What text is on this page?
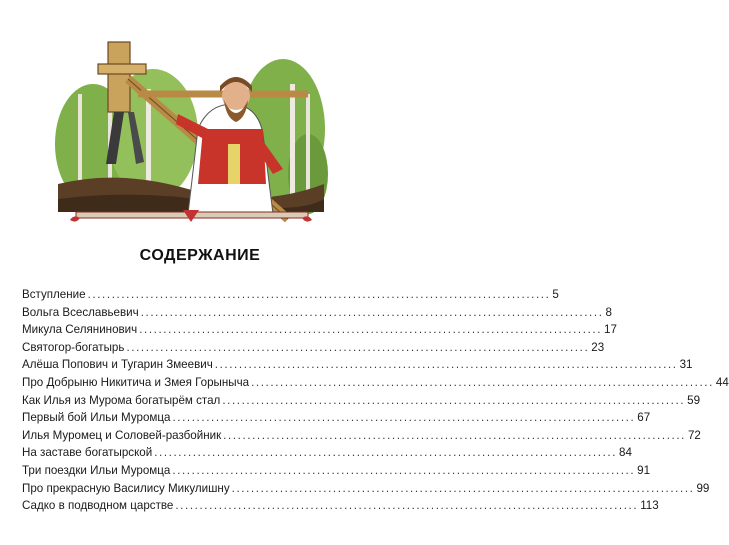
СОДЕРЖАНИЕ
Вступление ................................................................................................ 5
Вольга Всеславьевич ................................................................................................ 8
Микула Селянинович ................................................................................................ 17
Святогор-богатырь ................................................................................................ 23
Алёша Попович и Тугарин Змеевич ................................................................................................ 31
Про Добрыню Никитича и Змея Горыныча ................................................................................................ 44
Как Илья из Мурома богатырём стал ................................................................................................ 59
Первый бой Ильи Муромца ................................................................................................ 67
Илья Муромец и Соловей-разбойник ................................................................................................ 72
На заставе богатырской ................................................................................................ 84
Три поездки Ильи Муромца ................................................................................................ 91
Про прекрасную Василису Микулишну ................................................................................................ 99
Садко в подводном царстве ................................................................................................ 113
